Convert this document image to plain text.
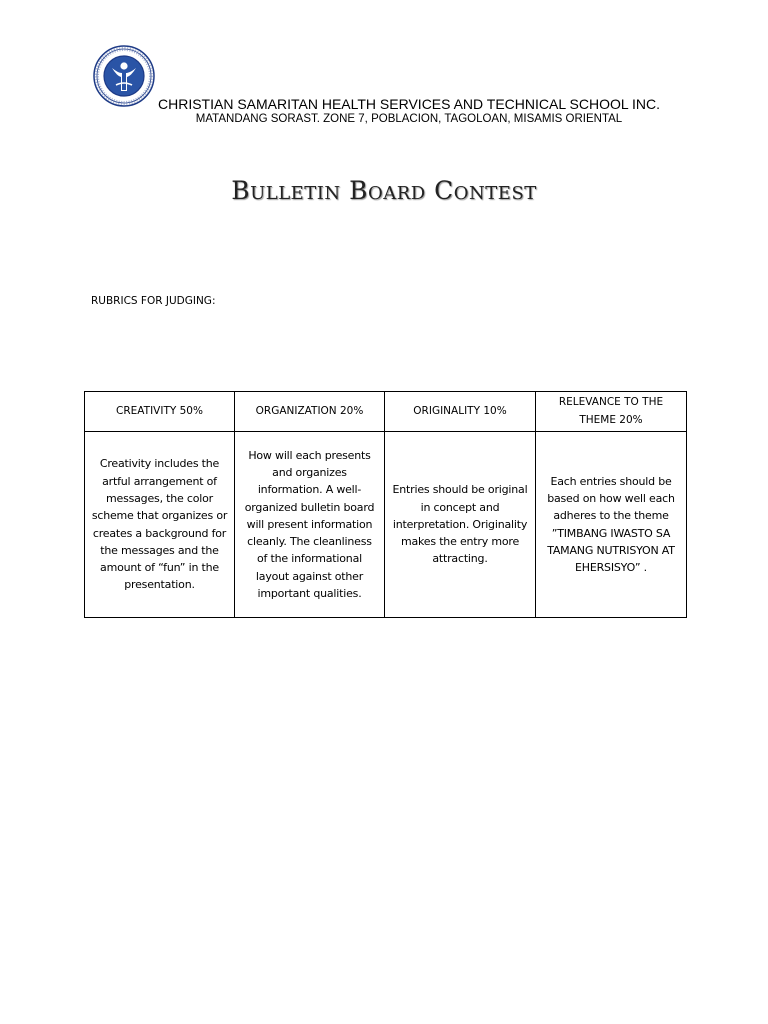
CHRISTIAN SAMARITAN HEALTH SERVICES AND TECHNICAL SCHOOL INC.
MATANDANG SORAST. ZONE 7, POBLACION, TAGOLOAN, MISAMIS ORIENTAL
Bulletin Board Contest
RUBRICS FOR JUDGING:
CREATIVITY 50%	ORGANIZATION 20%	ORIGINALITY 10%	RELEVANCE TO THE THEME 20%
Creativity includes the artful arrangement of messages, the color scheme that organizes or creates a background for the messages and the amount of “fun” in the presentation.	How will each presents and organizes information. A well-organized bulletin board will present information cleanly. The cleanliness of the informational layout against other important qualities.	Entries should be original in concept and interpretation. Originality makes the entry more attracting.	Each entries should be based on how well each adheres to the theme ”TIMBANG IWASTO SA TAMANG NUTRISYON AT EHERSISYO” .
